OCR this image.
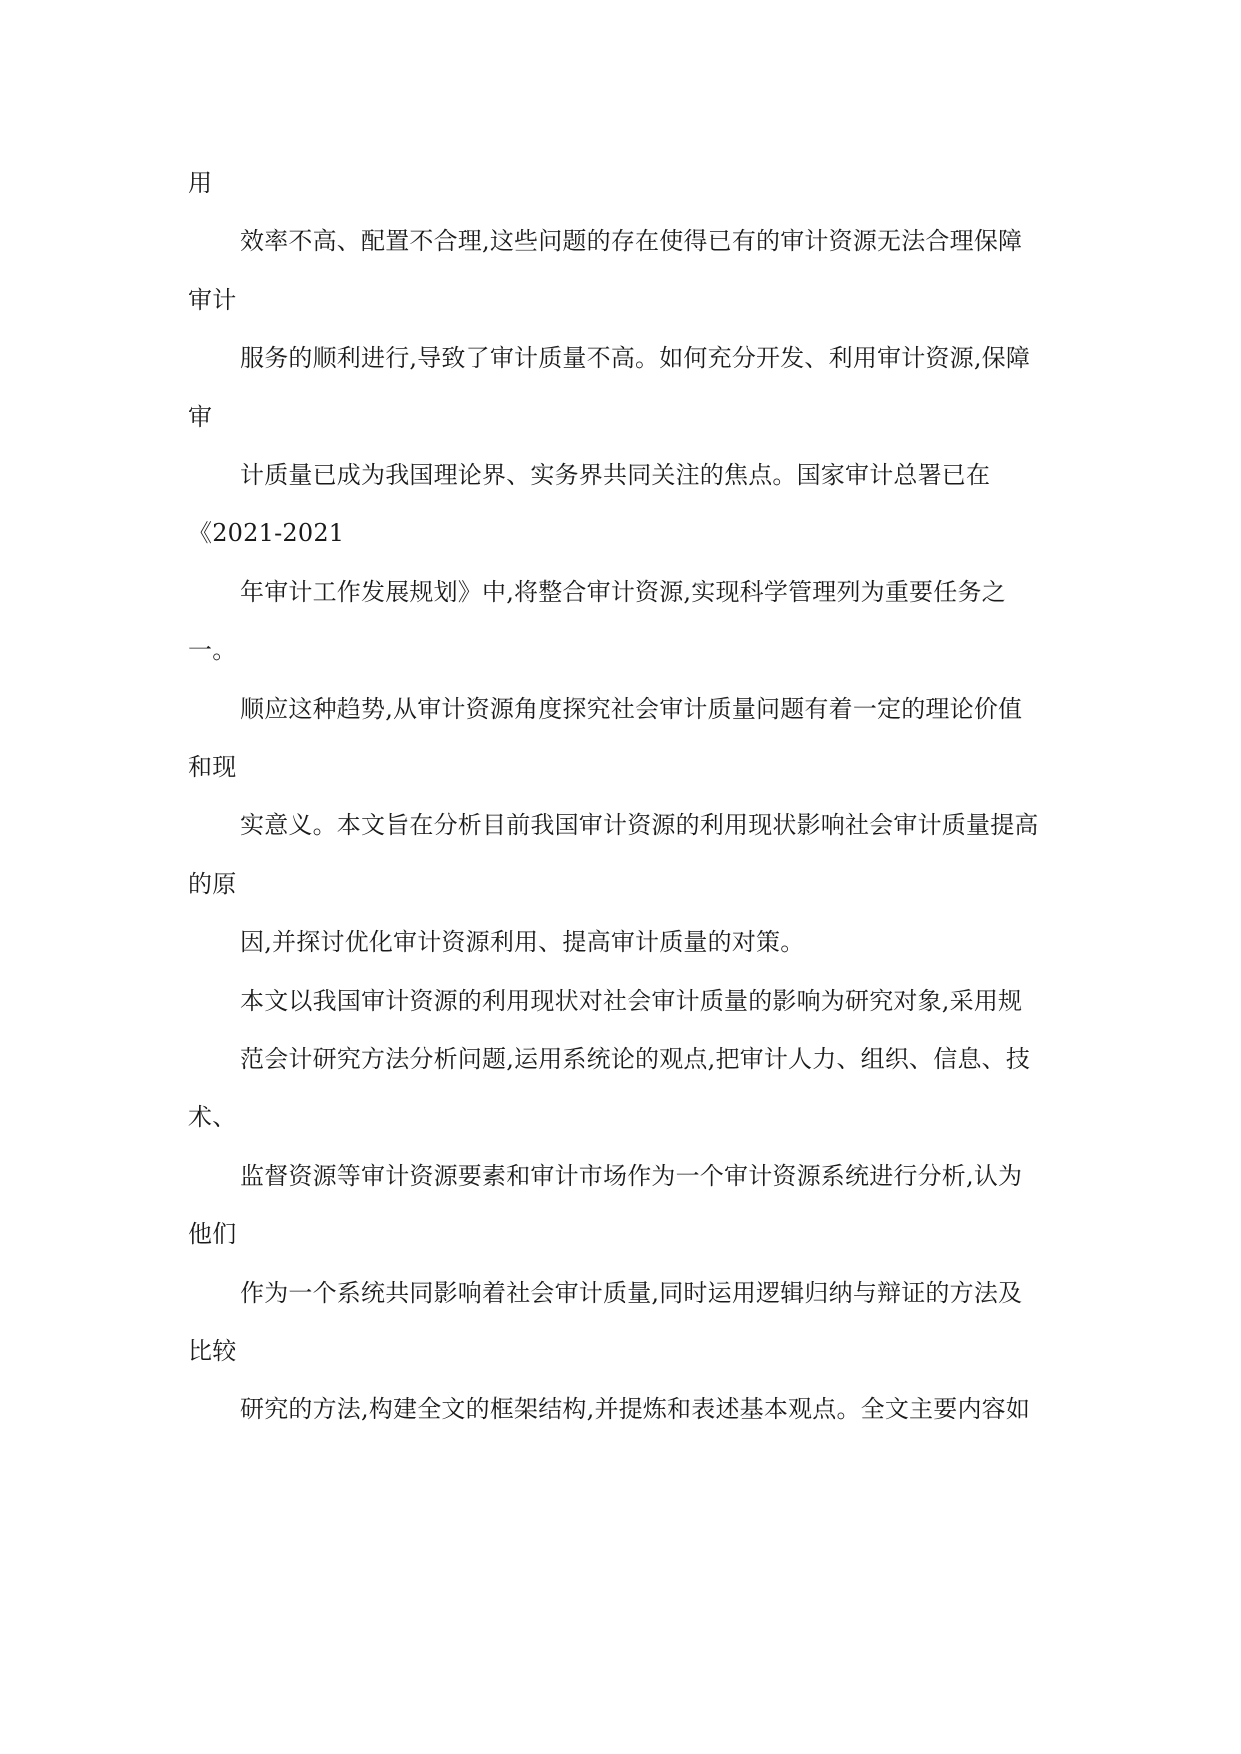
用
效率不高、配置不合理,这些问题的存在使得已有的审计资源无法合理保障
审计
服务的顺利进行,导致了审计质量不高。如何充分开发、利用审计资源,保障
审
计质量已成为我国理论界、实务界共同关注的焦点。国家审计总署已在
《2021-2021
年审计工作发展规划》中,将整合审计资源,实现科学管理列为重要任务之
一。
顺应这种趋势,从审计资源角度探究社会审计质量问题有着一定的理论价值
和现
实意义。本文旨在分析目前我国审计资源的利用现状影响社会审计质量提高
的原
因,并探讨优化审计资源利用、提高审计质量的对策。
本文以我国审计资源的利用现状对社会审计质量的影响为研究对象,采用规
范会计研究方法分析问题,运用系统论的观点,把审计人力、组织、信息、技
术、
监督资源等审计资源要素和审计市场作为一个审计资源系统进行分析,认为
他们
作为一个系统共同影响着社会审计质量,同时运用逻辑归纳与辩证的方法及
比较
研究的方法,构建全文的框架结构,并提炼和表述基本观点。全文主要内容如
